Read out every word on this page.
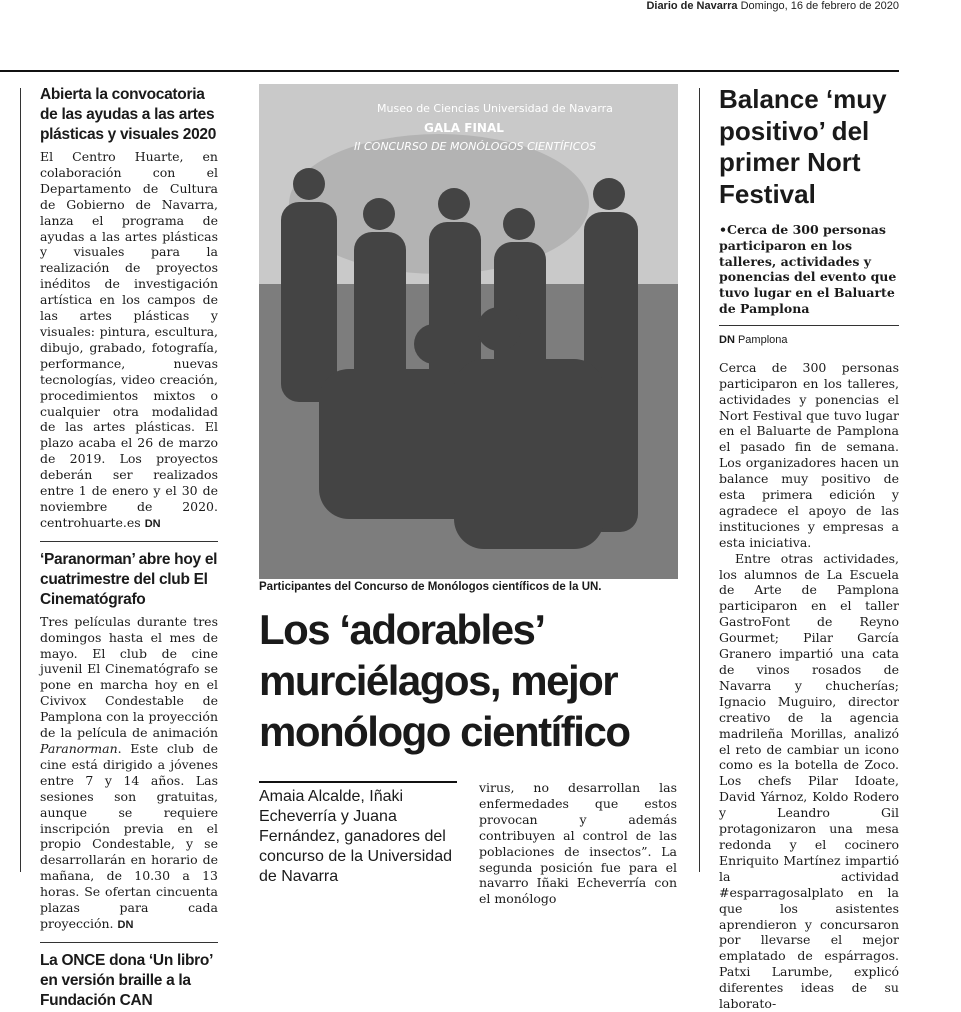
Diario de Navarra Domingo, 16 de febrero de 2020
Abierta la convocatoria de las ayudas a las artes plásticas y visuales 2020

El Centro Huarte, en colaboración con el Departamento de Cultura de Gobierno de Navarra, lanza el programa de ayudas a las artes plásticas y visuales para la realización de proyectos inéditos de investigación artística en los campos de las artes plásticas y visuales: pintura, escultura, dibujo, grabado, fotografía, performance, nuevas tecnologías, video creación, procedimientos mixtos o cualquier otra modalidad de las artes plásticas. El plazo acaba el 26 de marzo de 2019. Los proyectos deberán ser realizados entre 1 de enero y el 30 de noviembre de 2020. centrohuarte.es DN

‘Paranorman’ abre hoy el cuatrimestre del club El Cinematógrafo

Tres películas durante tres domingos hasta el mes de mayo. El club de cine juvenil El Cinematógrafo se pone en marcha hoy en el Civivox Condestable de Pamplona con la proyección de la película de animación Paranorman. Este club de cine está dirigido a jóvenes entre 7 y 14 años. Las sesiones son gratuitas, aunque se requiere inscripción previa en el propio Condestable, y se desarrollarán en horario de mañana, de 10.30 a 13 horas. Se ofertan cincuenta plazas para cada proyección. DN

La ONCE dona ‘Un libro’ en versión braille a la Fundación CAN
Museo de Ciencias Universidad de Navarra
GALA FINAL
II CONCURSO DE MONÓLOGOS CIENTÍFICOS
Participantes del Concurso de Monólogos científicos de la UN.
Los ‘adorables’ murciélagos, mejor monólogo científico
Amaia Alcalde, Iñaki Echeverría y Juana Fernández, ganadores del concurso de la Universidad de Navarra
virus, no desarrollan las enfermedades que estos provocan y además contribuyen al control de las poblaciones de insectos”. La segunda posición fue para el navarro Iñaki Echeverría con el monólogo
Balance ‘muy positivo’ del primer Nort Festival

•Cerca de 300 personas participaron en los talleres, actividades y ponencias del evento que tuvo lugar en el Baluarte de Pamplona

DN Pamplona

Cerca de 300 personas participaron en los talleres, actividades y ponencias el Nort Festival que tuvo lugar en el Baluarte de Pamplona el pasado fin de semana. Los organizadores hacen un balance muy positivo de esta primera edición y agradece el apoyo de las instituciones y empresas a esta iniciativa.

Entre otras actividades, los alumnos de La Escuela de Arte de Pamplona participaron en el taller GastroFont de Reyno Gourmet; Pilar García Granero impartió una cata de vinos rosados de Navarra y chucherías; Ignacio Muguiro, director creativo de la agencia madrileña Morillas, analizó el reto de cambiar un icono como es la botella de Zoco. Los chefs Pilar Idoate, David Yárnoz, Koldo Rodero y Leandro Gil protagonizaron una mesa redonda y el cocinero Enriquito Martínez impartió la actividad #esparragosalplato en la que los asistentes aprendieron y concursaron por llevarse el mejor emplatado de espárragos. Patxi Larumbe, explicó diferentes ideas de su laborato-
